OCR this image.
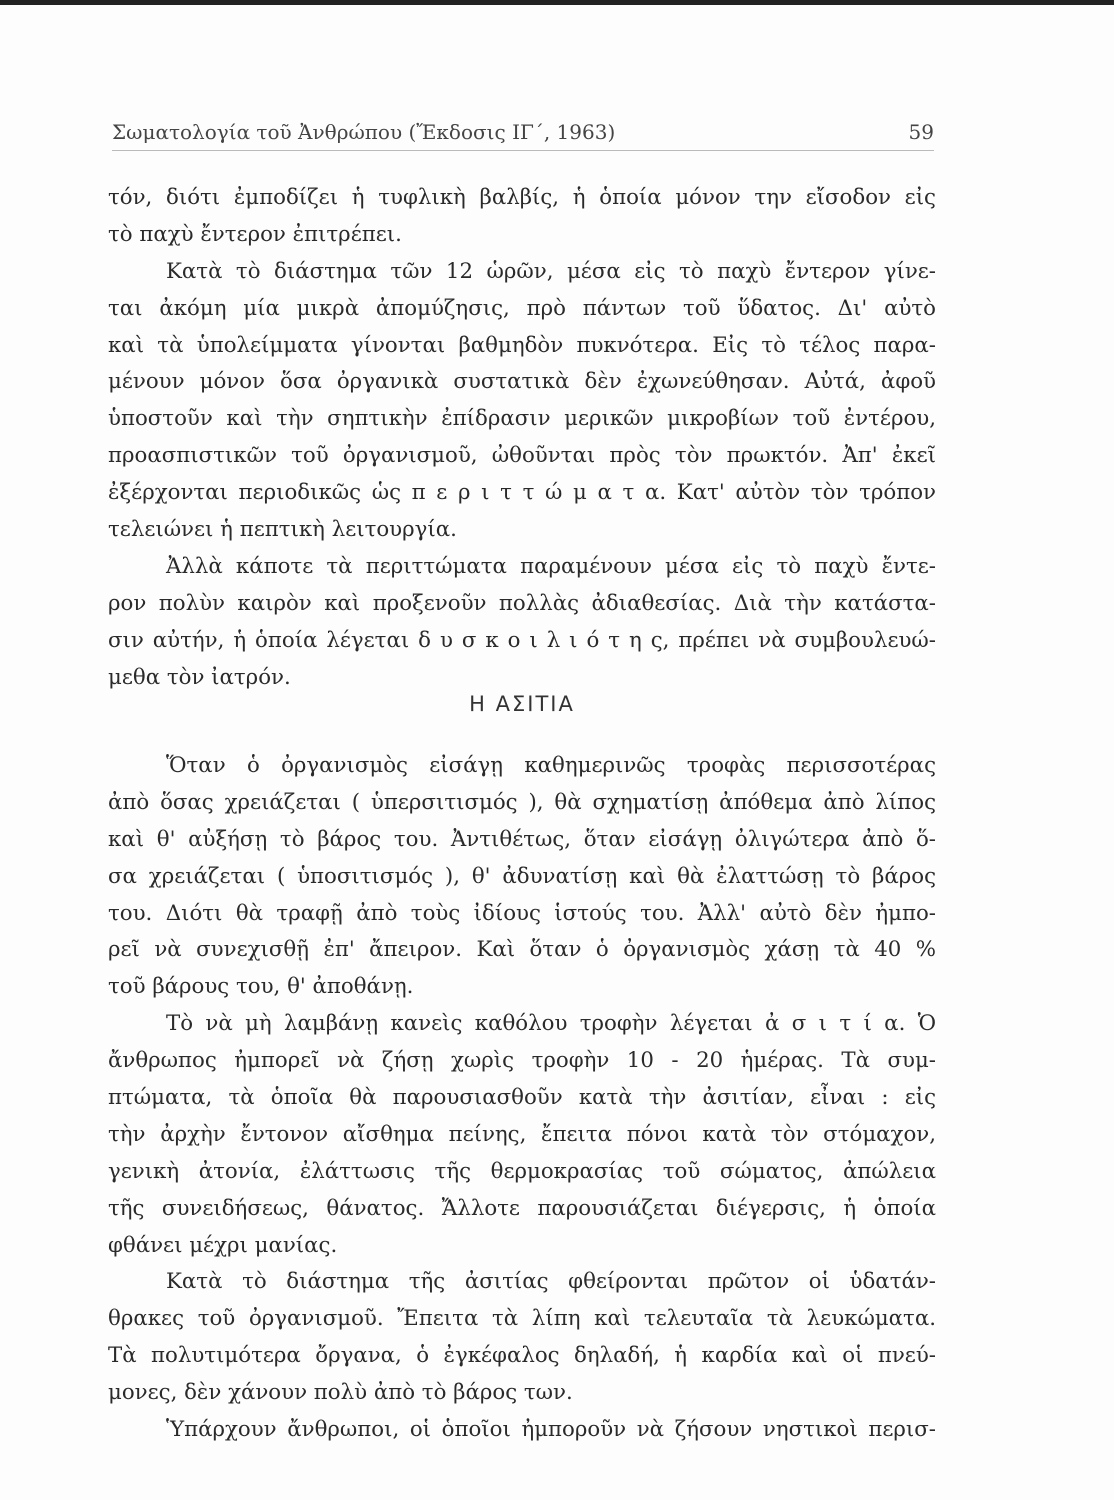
Σωματολογία τοῦ Ἀνθρώπου (Ἔκδοσις ΙΓ΄, 1963)	59
τόν, διότι ἐμποδίζει ἡ τυφλικὴ βαλβίς, ἡ ὁποία μόνον την εἴσοδον εἰς
τὸ παχὺ ἔντερον ἐπιτρέπει.
Κατὰ τὸ διάστημα τῶν 12 ὡρῶν, μέσα εἰς τὸ παχὺ ἔντερον γίνε-
ται ἀκόμη μία μικρὰ ἀπομύζησις, πρὸ πάντων τοῦ ὕδατος. Δι' αὐτὸ
καὶ τὰ ὑπολείμματα γίνονται βαθμηδὸν πυκνότερα. Εἰς τὸ τέλος παρα-
μένουν μόνον ὅσα ὀργανικὰ συστατικὰ δὲν ἐχωνεύθησαν. Αὐτά, ἀφοῦ
ὑποστοῦν καὶ τὴν σηπτικὴν ἐπίδρασιν μερικῶν μικροβίων τοῦ ἐντέρου,
προασπιστικῶν τοῦ ὀργανισμοῦ, ὠθοῦνται πρὸς τὸν πρωκτόν. Ἀπ' ἐκεῖ
ἐξέρχονται περιοδικῶς ὡς π ε ρ ι τ τ ώ μ α τ α. Κατ' αὐτὸν τὸν τρόπον
τελειώνει ἡ πεπτικὴ λειτουργία.
Ἀλλὰ κάποτε τὰ περιττώματα παραμένουν μέσα εἰς τὸ παχὺ ἔντε-
ρον πολὺν καιρὸν καὶ προξενοῦν πολλὰς ἀδιαθεσίας. Διὰ τὴν κατάστα-
σιν αὐτήν, ἡ ὁποία λέγεται δ υ σ κ ο ι λ ι ό τ η ς, πρέπει νὰ συμβουλευώ-
μεθα τὸν ἰατρόν.
Η ΑΣΙΤΙΑ
Ὅταν ὁ ὀργανισμὸς εἰσάγῃ καθημερινῶς τροφὰς περισσοτέρας
ἀπὸ ὅσας χρειάζεται ( ὑπερσιτισμός ), θὰ σχηματίσῃ ἀπόθεμα ἀπὸ λίπος
καὶ θ' αὐξήσῃ τὸ βάρος του. Ἀντιθέτως, ὅταν εἰσάγῃ ὀλιγώτερα ἀπὸ ὅ-
σα χρειάζεται ( ὑποσιτισμός ), θ' ἀδυνατίσῃ καὶ θὰ ἐλαττώσῃ τὸ βάρος
του. Διότι θὰ τραφῇ ἀπὸ τοὺς ἰδίους ἱστούς του. Ἀλλ' αὐτὸ δὲν ἠμπο-
ρεῖ νὰ συνεχισθῇ ἐπ' ἄπειρον. Καὶ ὅταν ὁ ὀργανισμὸς χάσῃ τὰ 40 %
τοῦ βάρους του, θ' ἀποθάνῃ.
Τὸ νὰ μὴ λαμβάνῃ κανεὶς καθόλου τροφὴν λέγεται ἀ σ ι τ ί α. Ὁ
ἄνθρωπος ἠμπορεῖ νὰ ζήσῃ χωρὶς τροφὴν 10 - 20 ἡμέρας. Τὰ συμ-
πτώματα, τὰ ὁποῖα θὰ παρουσιασθοῦν κατὰ τὴν ἀσιτίαν, εἶναι : εἰς
τὴν ἀρχὴν ἔντονον αἴσθημα πείνης, ἔπειτα πόνοι κατὰ τὸν στόμαχον,
γενικὴ ἀτονία, ἐλάττωσις τῆς θερμοκρασίας τοῦ σώματος, ἀπώλεια
τῆς συνειδήσεως, θάνατος. Ἄλλοτε παρουσιάζεται διέγερσις, ἡ ὁποία
φθάνει μέχρι μανίας.
Κατὰ τὸ διάστημα τῆς ἀσιτίας φθείρονται πρῶτον οἱ ὑδατάν-
θρακες τοῦ ὀργανισμοῦ. Ἔπειτα τὰ λίπη καὶ τελευταῖα τὰ λευκώματα.
Τὰ πολυτιμότερα ὄργανα, ὁ ἐγκέφαλος δηλαδή, ἡ καρδία καὶ οἱ πνεύ-
μονες, δὲν χάνουν πολὺ ἀπὸ τὸ βάρος των.
Ὑπάρχουν ἄνθρωποι, οἱ ὁποῖοι ἠμποροῦν νὰ ζήσουν νηστικοὶ περισ-
